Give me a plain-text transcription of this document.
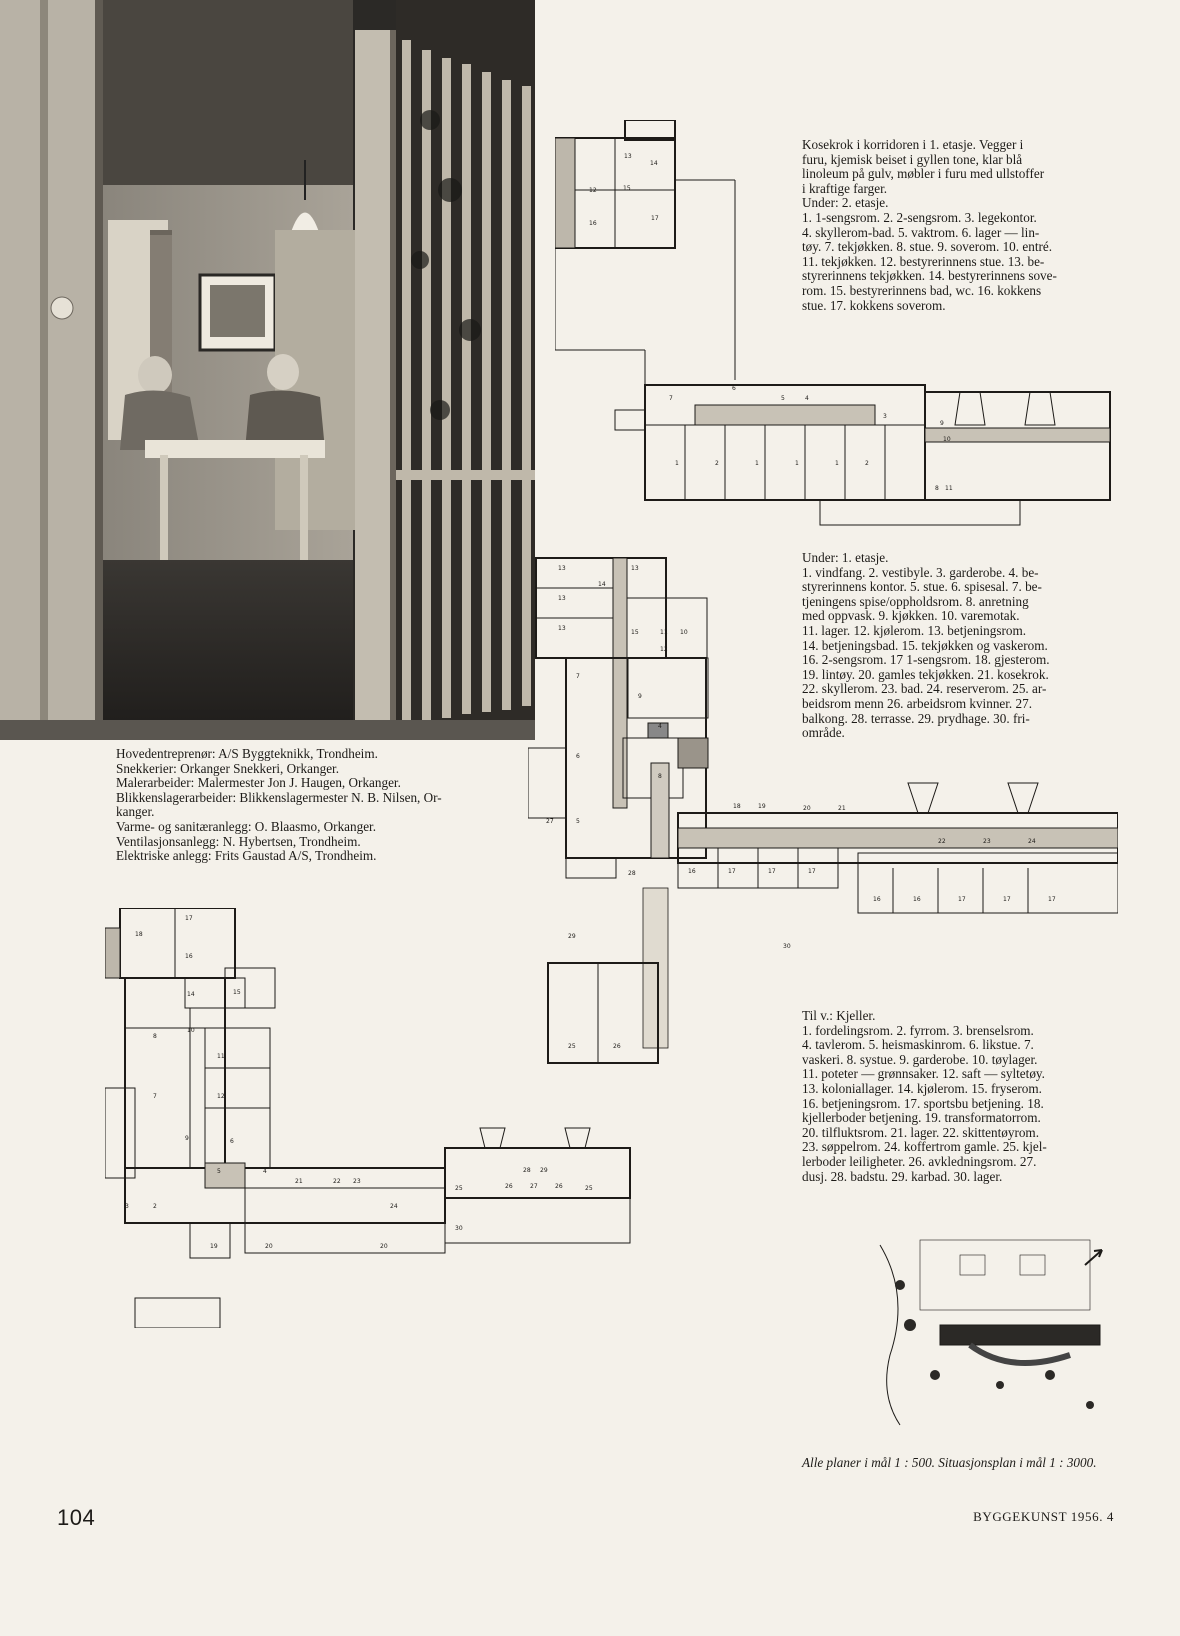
Kosekrok i korridoren i 1. etasje. Vegger i

furu, kjemisk beiset i gyllen tone, klar blå

linoleum på gulv, møbler i furu med ullstoffer

i kraftige farger.

Under: 2. etasje.

1. 1-sengsrom. 2. 2-sengsrom. 3. legekontor.

4. skyllerom-bad. 5. vaktrom. 6. lager — lin-

tøy. 7. tekjøkken. 8. stue. 9. soverom. 10. entré.

11. tekjøkken. 12. bestyrerinnens stue. 13. be-

styrerinnens tekjøkken. 14. bestyrerinnens sove-

rom. 15. bestyrerinnens bad, wc. 16. kokkens

stue. 17. kokkens soverom.

Under: 1. etasje.

1. vindfang. 2. vestibyle. 3. garderobe. 4. be-

styrerinnens kontor. 5. stue. 6. spisesal. 7. be-

tjeningens spise/oppholdsrom. 8. anretning

med oppvask. 9. kjøkken. 10. varemotak.

11. lager. 12. kjølerom. 13. betjeningsrom.

14. betjeningsbad. 15. tekjøkken og vaskerom.

16. 2-sengsrom. 17 1-sengsrom. 18. gjesterom.

19. lintøy. 20. gamles tekjøkken. 21. kosekrok.

22. skyllerom. 23. bad. 24. reserverom. 25. ar-

beidsrom menn 26. arbeidsrom kvinner. 27.

balkong. 28. terrasse. 29. prydhage. 30. fri-

område.

Til v.: Kjeller.

1. fordelingsrom. 2. fyrrom. 3. brenselsrom.

4. tavlerom. 5. heismaskinrom. 6. likstue. 7.

vaskeri. 8. systue. 9. garderobe. 10. tøylager.

11. poteter — grønnsaker. 12. saft — syltetøy.

13. koloniallager. 14. kjølerom. 15. fryserom.

16. betjeningsrom. 17. sportsbu betjening. 18.

kjellerboder betjening. 19. transformatorrom.

20. tilfluktsrom. 21. lager. 22. skittentøyrom.

23. søppelrom. 24. koffertrom gamle. 25. kjel-

lerboder leiligheter. 26. avkledningsrom. 27.

dusj. 28. badstu. 29. karbad. 30. lager.

Hovedentreprenør: A/S Byggteknikk, Trondheim.
Snekkerier: Orkanger Snekkeri, Orkanger.
Malerarbeider: Malermester Jon J. Haugen, Orkanger.
Blikkenslagerarbeider: Blikkenslagermester N. B. Nilsen, Or-
kanger.
Varme- og sanitæranlegg: O. Blaasmo, Orkanger.
Ventilasjonsanlegg: N. Hybertsen, Trondheim.
Elektriske anlegg: Frits Gaustad A/S, Trondheim.
13
14
12	15
16
17
7
6
5	4
3
9
10
11
8
1	2	1	1	1	2
13
13
14
13
13
15	11 10
12
7
9
4
6
8
27	5
18	19	20	21
22	23	24
16	17	17	17
16	16	17	17	17
28
29
30
25	26
17
18
16
14	15
8
10
11
12
7
6
9
5	4
21	22 23
24
3	2
19	20	20
25
28 29
26	27	26	25
30
Alle planer i mål 1 : 500. Situasjonsplan i mål 1 : 3000.
104	BYGGEKUNST 1956. 4
